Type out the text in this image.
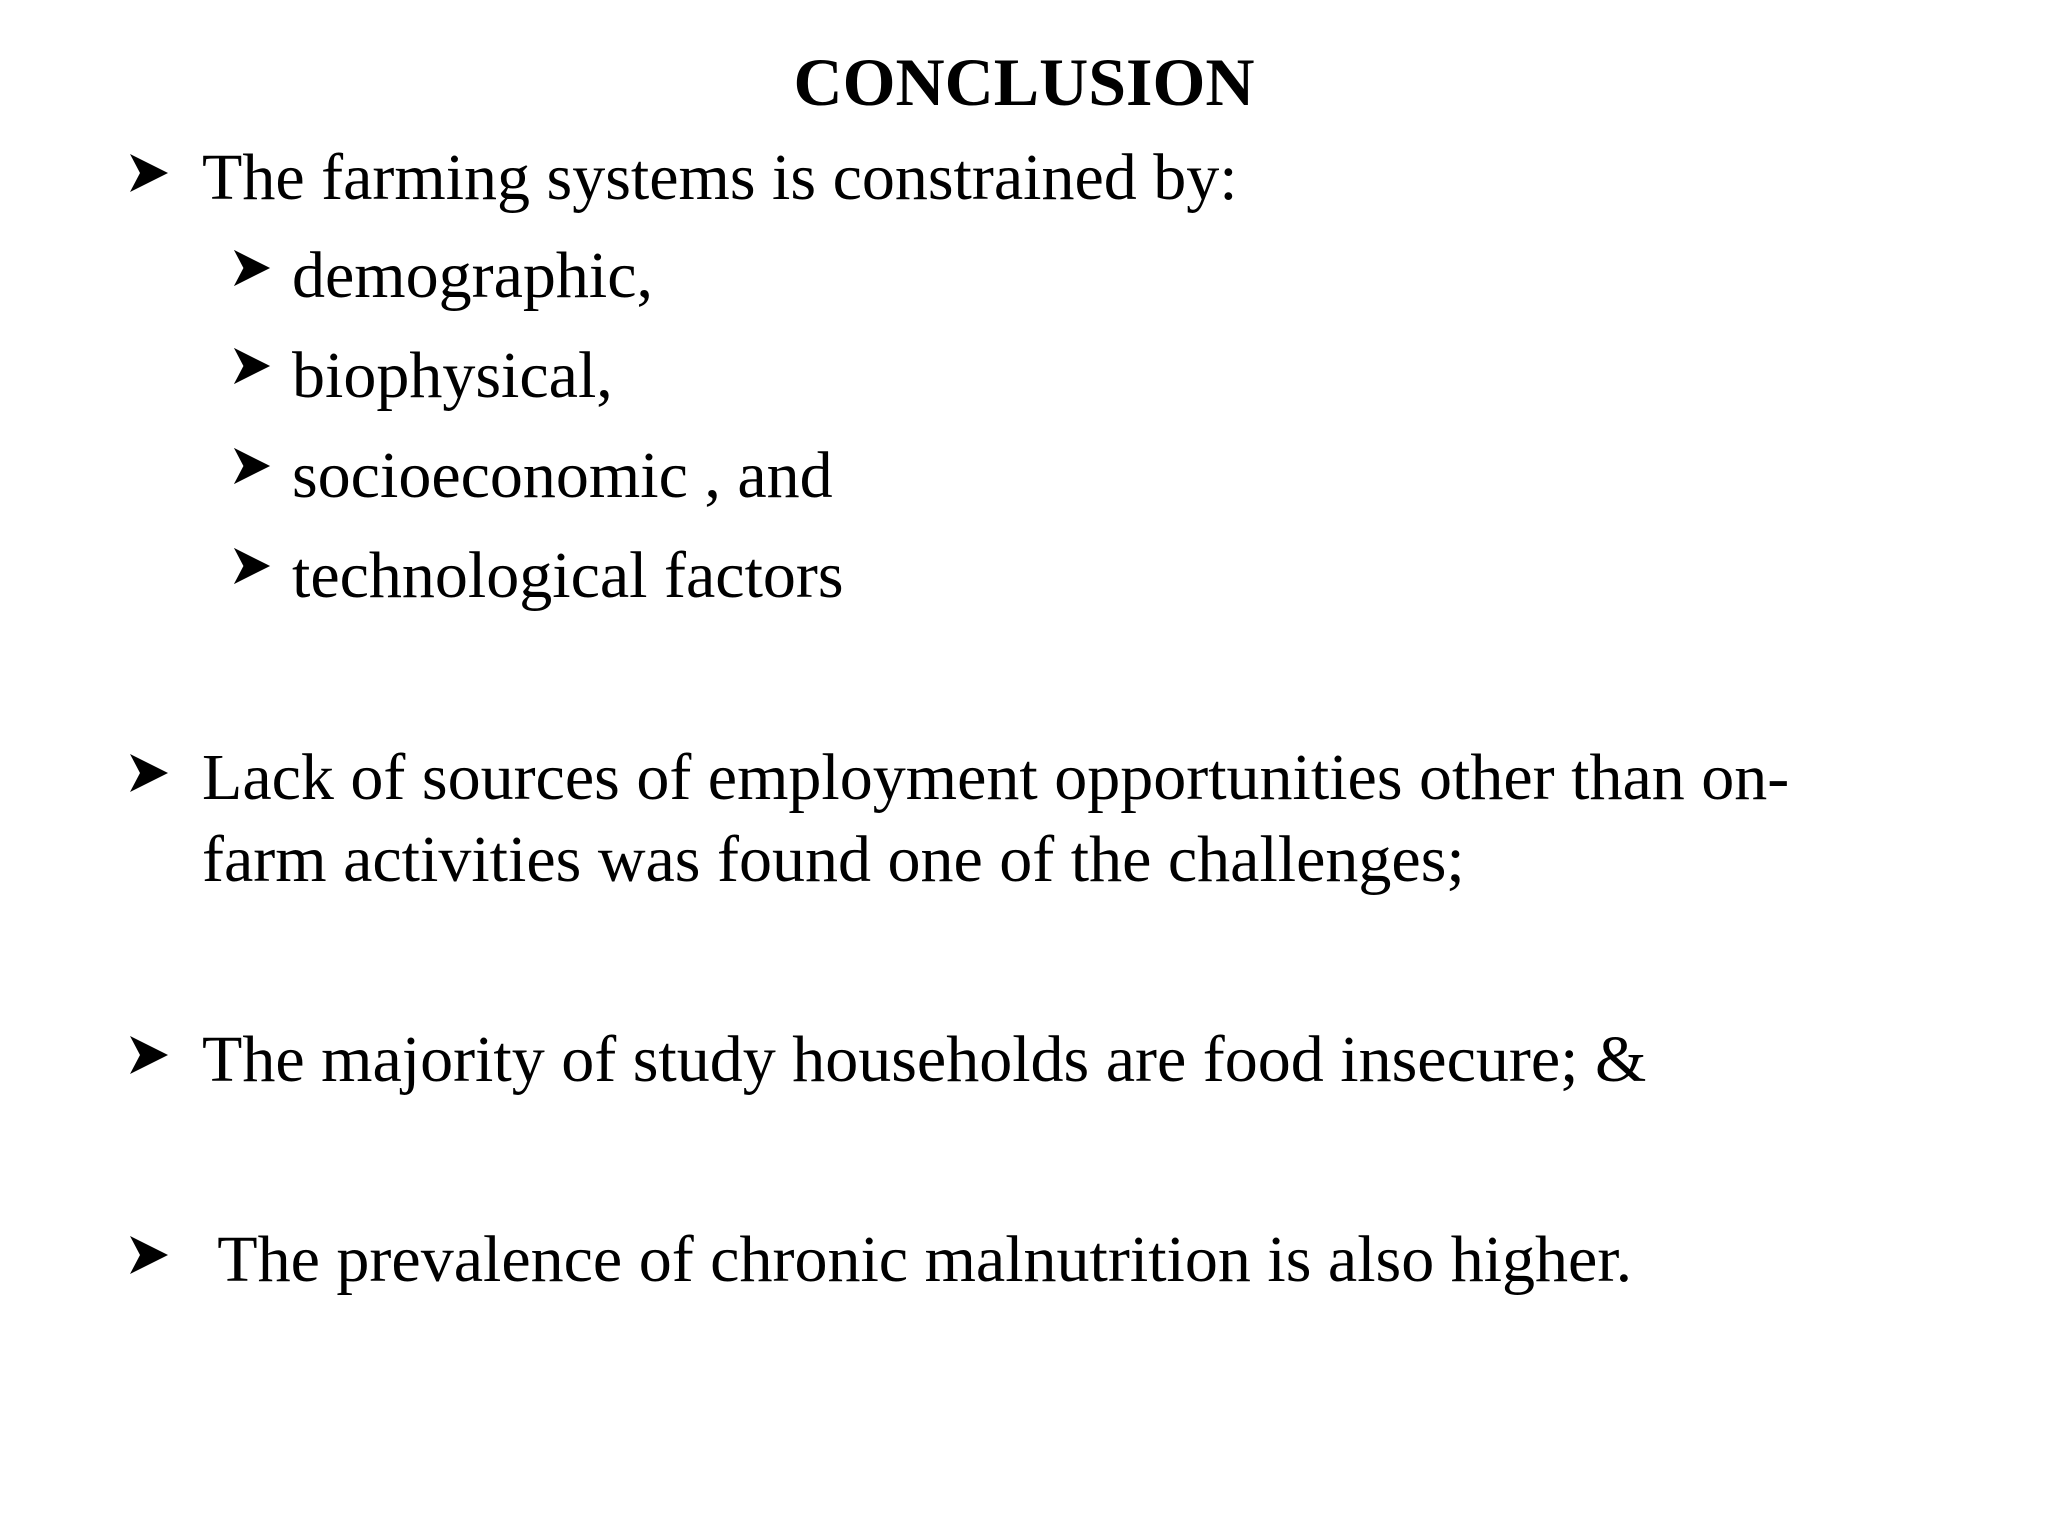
CONCLUSION
The farming systems is constrained by:
demographic,
biophysical,
socioeconomic , and
technological factors
Lack of sources of employment opportunities other than on-
farm activities was found one of the challenges;
The majority of study households are food insecure; &
The prevalence of chronic malnutrition is also higher.
